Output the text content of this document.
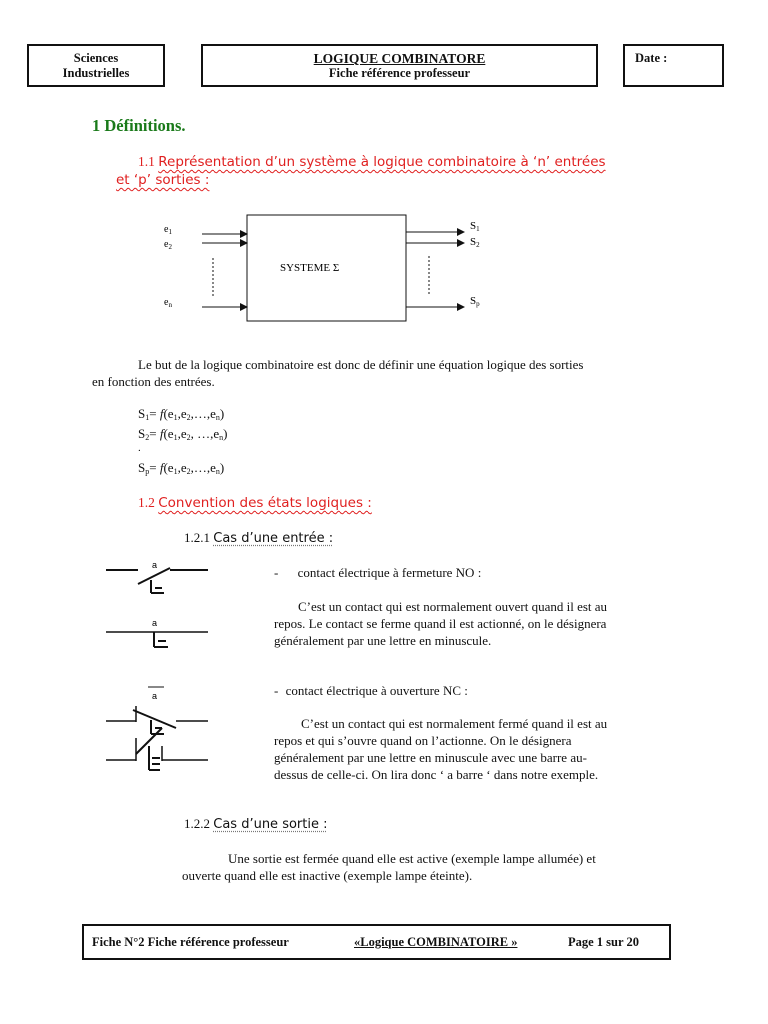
Sciences
Industrielles
LOGIQUE COMBINATORE
Fiche référence professeur
Date :
1 Définitions.
1.1 Représentation d’un système à logique combinatoire à ‘n’ entrées
et ‘p’ sorties :
$e_1$
$e_2$
$e_n$
S1
S2
Sp
SYSTEME Σ
Le but de la logique combinatoire est donc de définir une équation logique des sorties
en fonction des entrées.
$S_1=$ $f(e_1,e_2,\dots,e_n)$
$S_2= f(e_1,e_2$, $\dots,e_n$)
.
$S_p=$ $f(e_1,e_2,\dots,e_n)$
1.2 Convention des états logiques :
1.2.1 Cas d’une entrée :
a
a
- contact électrique à fermeture NO :
C’est un contact qui est normalement ouvert quand il est au
repos. Le contact se ferme quand il est actionné, on le désignera
généralement par une lettre en minuscule.
a	- contact électrique à ouverture NC :
C’est un contact qui est normalement fermé quand il est au
repos et qui s’ouvre quand on l’actionne. On le désignera
généralement par une lettre en minuscule avec une barre au-
dessus de celle-ci. On lira donc ‘ a barre ‘ dans notre exemple.
1.2.2 Cas d’une sortie :
Une sortie est fermée quand elle est active (exemple lampe allumée) et
ouverte quand elle est inactive (exemple lampe éteinte).
Fiche N°2 Fiche référence professeur	«Logique COMBINATOIRE »	Page 1 sur 20
